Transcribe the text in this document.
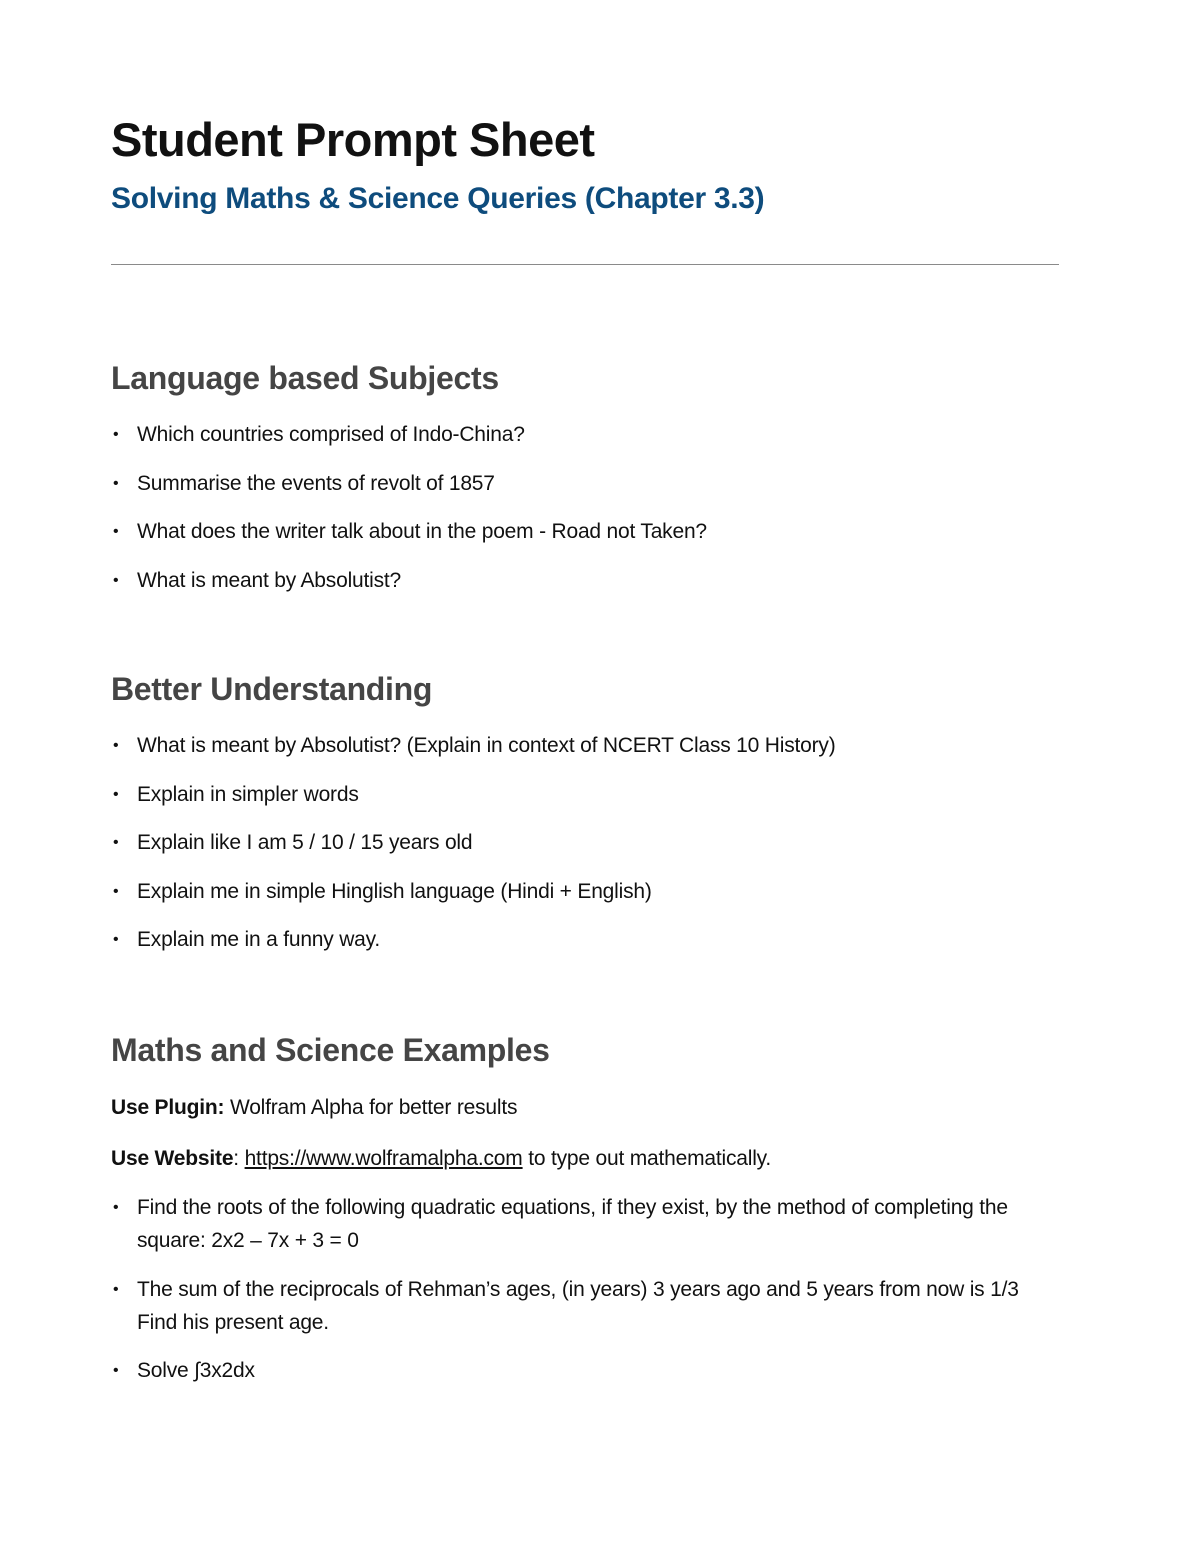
Student Prompt Sheet
Solving Maths & Science Queries (Chapter 3.3)
Language based Subjects
• Which countries comprised of Indo-China?
• Summarise the events of revolt of 1857
• What does the writer talk about in the poem - Road not Taken?
• What is meant by Absolutist?
Better Understanding
• What is meant by Absolutist? (Explain in context of NCERT Class 10 History)
• Explain in simpler words
• Explain like I am 5 / 10 / 15 years old
• Explain me in simple Hinglish language (Hindi + English)
• Explain me in a funny way.
Maths and Science Examples

Use Plugin: Wolfram Alpha for better results

Use Website: https://www.wolframalpha.com to type out mathematically.

• Find the roots of the following quadratic equations, if they exist, by the method of completing the square: 2x2 – 7x + 3 = 0
• The sum of the reciprocals of Rehman’s ages, (in years) 3 years ago and 5 years from now is 1/3 Find his present age.
• Solve ∫3x2dx
